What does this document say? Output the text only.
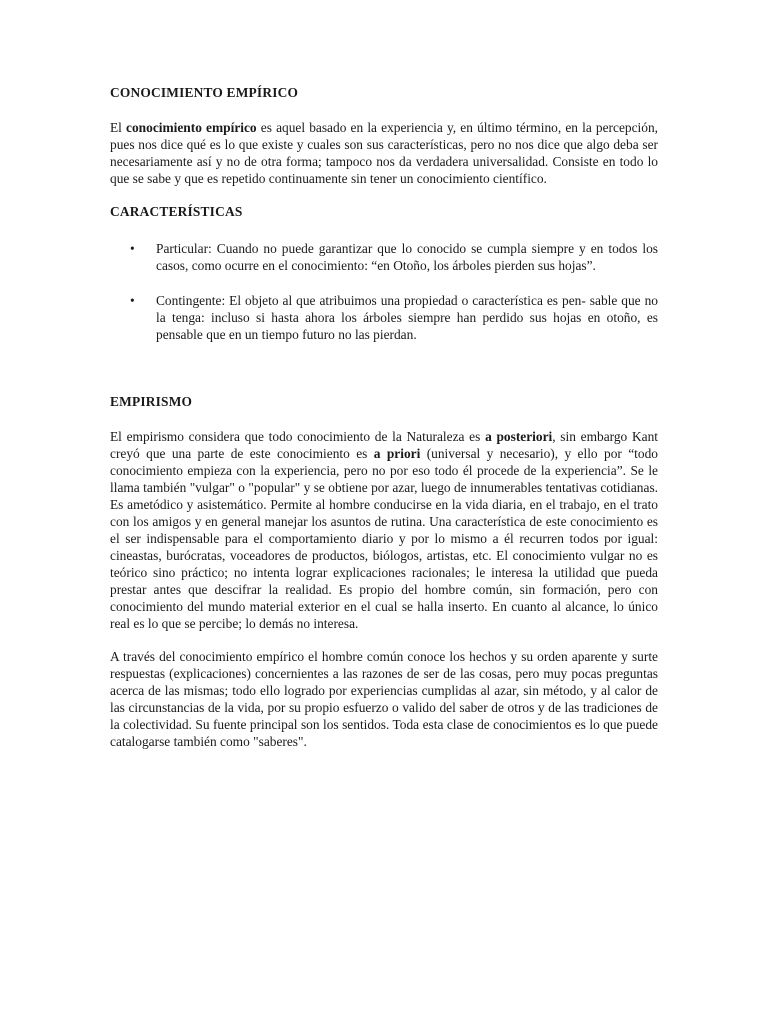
CONOCIMIENTO EMPÍRICO

El conocimiento empírico es aquel basado en la experiencia y, en último término, en la percepción, pues nos dice qué es lo que existe y cuales son sus características, pero no nos dice que algo deba ser necesariamente así y no de otra forma; tampoco nos da verdadera universalidad. Consiste en todo lo que se sabe y que es repetido continuamente sin tener un conocimiento científico.

CARACTERÍSTICAS
• Particular: Cuando no puede garantizar que lo conocido se cumpla siempre y en todos los casos, como ocurre en el conocimiento: “en Otoño, los árboles pierden sus hojas”.
• Contingente: El objeto al que atribuimos una propiedad o característica es pen- sable que no la tenga: incluso si hasta ahora los árboles siempre han perdido sus hojas en otoño, es pensable que en un tiempo futuro no las pierdan.
EMPIRISMO

El empirismo considera que todo conocimiento de la Naturaleza es a posteriori, sin embargo Kant creyó que una parte de este conocimiento es a priori (universal y necesario), y ello por “todo conocimiento empieza con la experiencia, pero no por eso todo él procede de la experiencia”. Se le llama también "vulgar" o "popular" y se obtiene por azar, luego de innumerables tentativas cotidianas. Es ametódico y asistemático. Permite al hombre conducirse en la vida diaria, en el trabajo, en el trato con los amigos y en general manejar los asuntos de rutina. Una característica de este conocimiento es el ser indispensable para el comportamiento diario y por lo mismo a él recurren todos por igual: cineastas, burócratas, voceadores de productos, biólogos, artistas, etc. El conocimiento vulgar no es teórico sino práctico; no intenta lograr explicaciones racionales; le interesa la utilidad que pueda prestar antes que descifrar la realidad. Es propio del hombre común, sin formación, pero con conocimiento del mundo material exterior en el cual se halla inserto. En cuanto al alcance, lo único real es lo que se percibe; lo demás no interesa.

A través del conocimiento empírico el hombre común conoce los hechos y su orden aparente y surte respuestas (explicaciones) concernientes a las razones de ser de las cosas, pero muy pocas preguntas acerca de las mismas; todo ello logrado por experiencias cumplidas al azar, sin método, y al calor de las circunstancias de la vida, por su propio esfuerzo o valido del saber de otros y de las tradiciones de la colectividad. Su fuente principal son los sentidos. Toda esta clase de conocimientos es lo que puede catalogarse también como "saberes".
